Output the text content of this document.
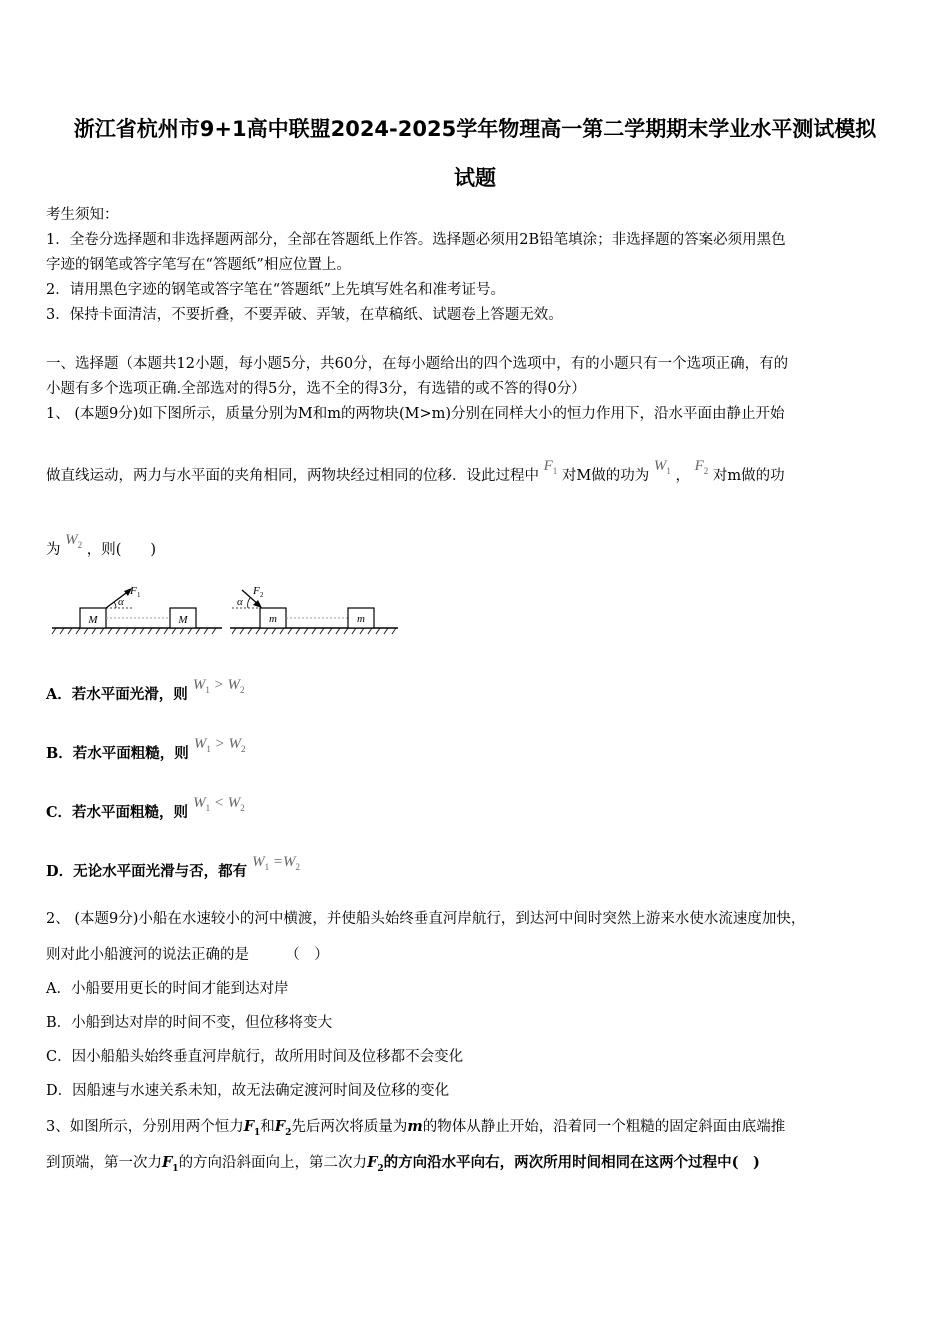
浙江省杭州市9+1高中联盟2024-2025学年物理高一第二学期期末学业水平测试模拟
试题
考生须知：
1．全卷分选择题和非选择题两部分，全部在答题纸上作答。选择题必须用2B铅笔填涂；非选择题的答案必须用黑色
字迹的钢笔或答字笔写在“答题纸”相应位置上。
2．请用黑色字迹的钢笔或答字笔在“答题纸”上先填写姓名和准考证号。
3．保持卡面清洁，不要折叠，不要弄破、弄皱，在草稿纸、试题卷上答题无效。
一、选择题（本题共12小题，每小题5分，共60分，在每小题给出的四个选项中，有的小题只有一个选项正确，有的
小题有多个选项正确.全部选对的得5分，选不全的得3分，有选错的或不答的得0分）
1、 (本题9分)如下图所示，质量分别为M和m的两物块(M>m)分别在同样大小的恒力作用下，沿水平面由静止开始
做直线运动，两力与水平面的夹角相同，两物块经过相同的位移．设此过程中 $F_1$ 对M做的功为 $W_1$ ， $F_2$ 对m做的功
为 $W_2$ ，则(　　)
M	M
α
F 1
m	m
α
F 2
A．若水平面光滑，则 $W_1 > W_2$
B．若水平面粗糙，则 $W_1 > W_2$
C．若水平面粗糙，则 $W_1 < W_2$
D．无论水平面光滑与否，都有 $W_1 =W_2$
2、 (本题9分)小船在水速较小的河中横渡，并使船头始终垂直河岸航行，到达河中间时突然上游来水使水流速度加快，
则对此小船渡河的说法正确的是　　　（　）
A．小船要用更长的时间才能到达对岸
B．小船到达对岸的时间不变，但位移将变大
C．因小船船头始终垂直河岸航行，故所用时间及位移都不会变化
D．因船速与水速关系未知，故无法确定渡河时间及位移的变化
3、如图所示，分别用两个恒力$F_1$和$F_2$先后两次将质量为m的物体从静止开始，沿着同一个粗糙的固定斜面由底端推
到顶端，第一次力$F_1$的方向沿斜面向上，第二次力$F_2$的方向沿水平向右，两次所用时间相同在这两个过程中(　)
